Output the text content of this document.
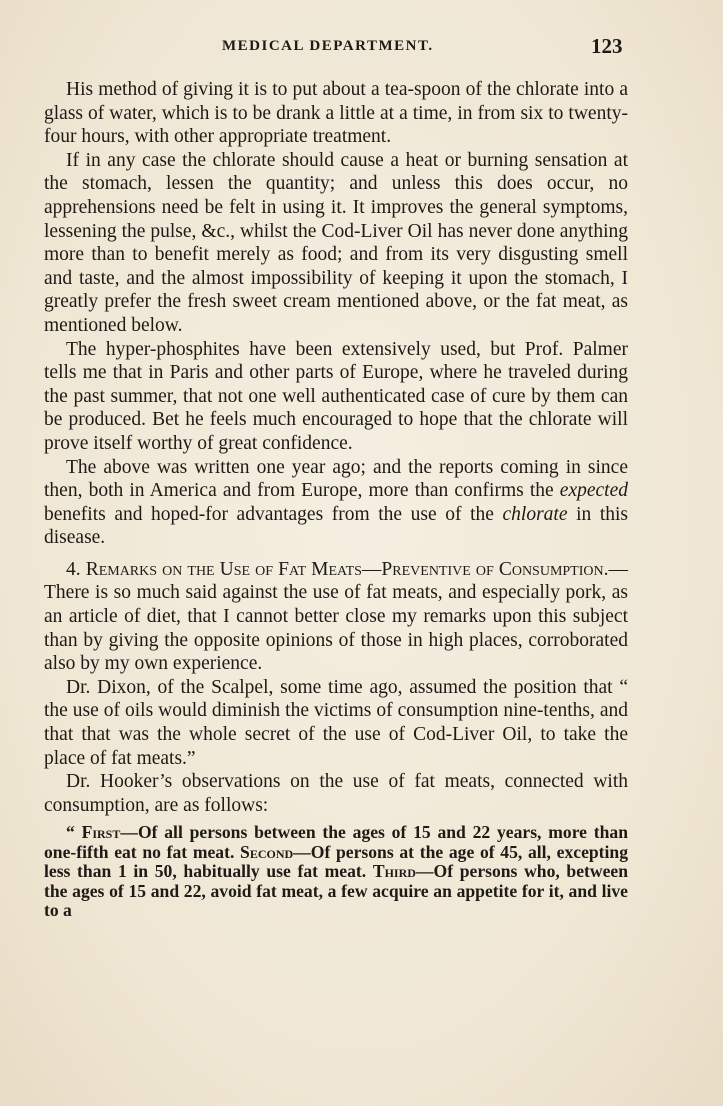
MEDICAL DEPARTMENT.	123

His method of giving it is to put about a tea-spoon of the chlorate into a glass of water, which is to be drank a little at a time, in from six to twenty-four hours, with other appropriate treatment.

If in any case the chlorate should cause a heat or burning sensation at the stomach, lessen the quantity; and unless this does occur, no apprehensions need be felt in using it. It improves the general symptoms, lessening the pulse, &c., whilst the Cod-Liver Oil has never done anything more than to benefit merely as food; and from its very disgusting smell and taste, and the almost impossibility of keeping it upon the stomach, I greatly prefer the fresh sweet cream mentioned above, or the fat meat, as mentioned below.

The hyper-phosphites have been extensively used, but Prof. Palmer tells me that in Paris and other parts of Europe, where he traveled during the past summer, that not one well authenticated case of cure by them can be produced. Bet he feels much encouraged to hope that the chlorate will prove itself worthy of great confidence.

The above was written one year ago; and the reports coming in since then, both in America and from Europe, more than confirms the expected benefits and hoped-for advantages from the use of the chlorate in this disease.

4. Remarks on the Use of Fat Meats—Preventive of Consumption.—There is so much said against the use of fat meats, and especially pork, as an article of diet, that I cannot better close my remarks upon this subject than by giving the opposite opinions of those in high places, corroborated also by my own experience.

Dr. Dixon, of the Scalpel, some time ago, assumed the position that “ the use of oils would diminish the victims of consumption nine-tenths, and that that was the whole secret of the use of Cod-Liver Oil, to take the place of fat meats.”

Dr. Hooker’s observations on the use of fat meats, connected with consumption, are as follows:

“ First—Of all persons between the ages of 15 and 22 years, more than one-fifth eat no fat meat. Second—Of persons at the age of 45, all, excepting less than 1 in 50, habitually use fat meat. Third—Of persons who, between the ages of 15 and 22, avoid fat meat, a few acquire an appetite for it, and live to a
